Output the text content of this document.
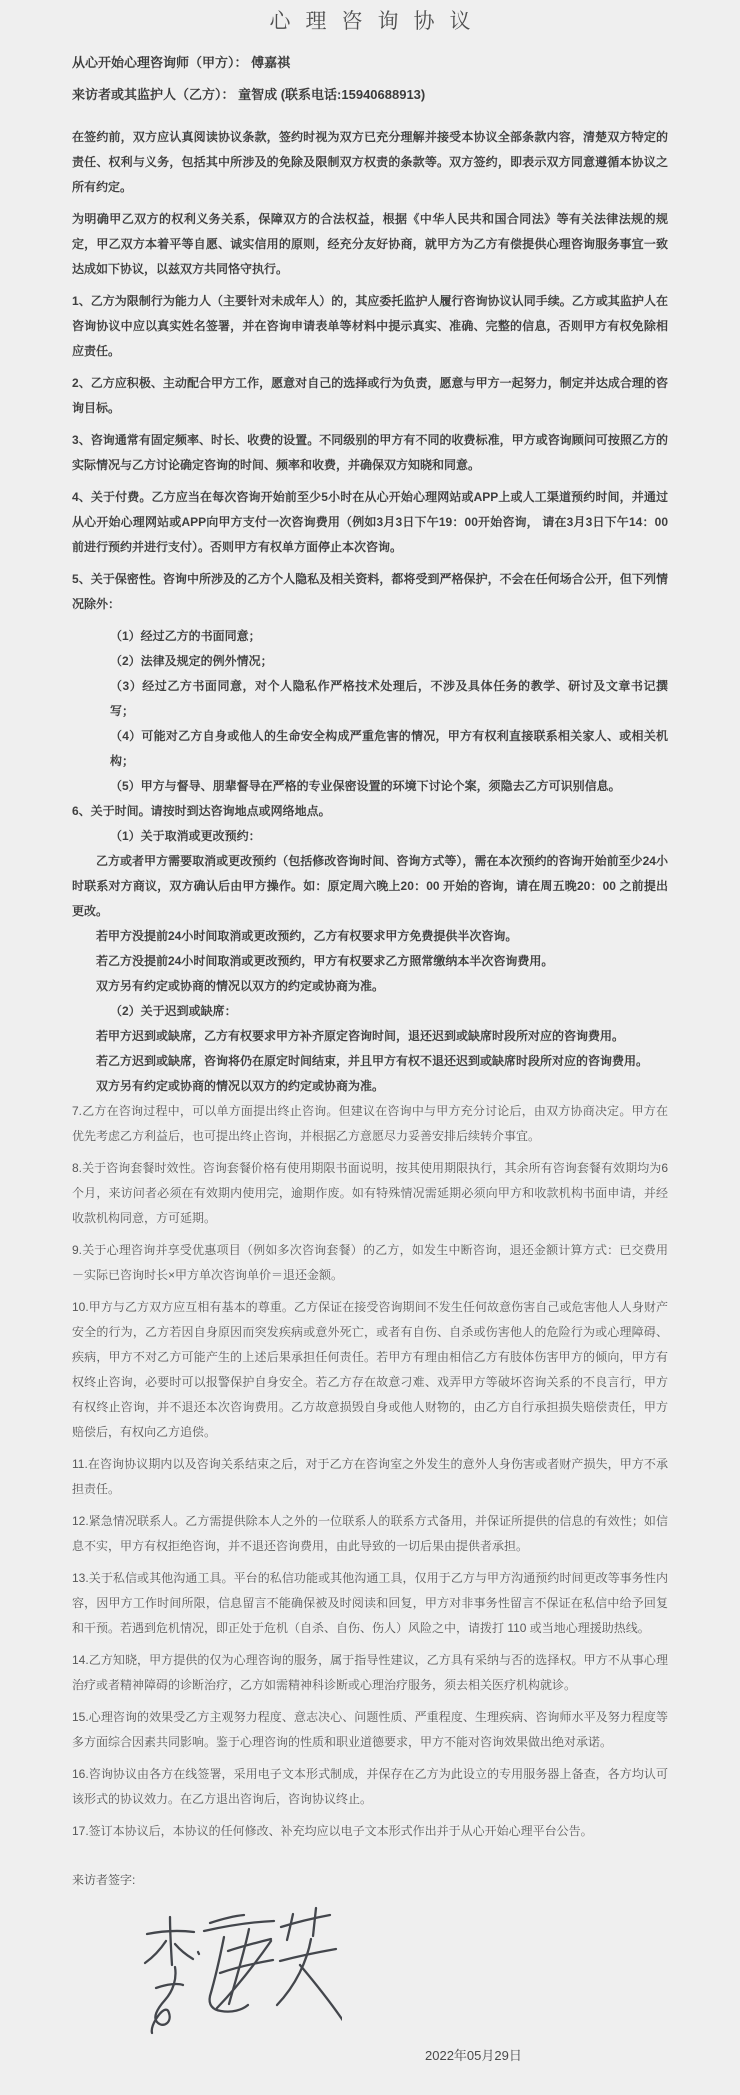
心理咨询协议
从心开始心理咨询师（甲方）： 傅嘉祺
来访者或其监护人（乙方）： 童智成 (联系电话:15940688913)

在签约前，双方应认真阅读协议条款，签约时视为双方已充分理解并接受本协议全部条款内容，清楚双方特定的责任、权利与义务，包括其中所涉及的免除及限制双方权责的条款等。双方签约，即表示双方同意遵循本协议之所有约定。

为明确甲乙双方的权利义务关系，保障双方的合法权益，根据《中华人民共和国合同法》等有关法律法规的规定，甲乙双方本着平等自愿、诚实信用的原则，经充分友好协商，就甲方为乙方有偿提供心理咨询服务事宜一致达成如下协议，以兹双方共同恪守执行。

1、乙方为限制行为能力人（主要针对未成年人）的，其应委托监护人履行咨询协议认同手续。乙方或其监护人在咨询协议中应以真实姓名签署，并在咨询申请表单等材料中提示真实、准确、完整的信息，否则甲方有权免除相应责任。

2、乙方应积极、主动配合甲方工作，愿意对自己的选择或行为负责，愿意与甲方一起努力，制定并达成合理的咨询目标。

3、咨询通常有固定频率、时长、收费的设置。不同级别的甲方有不同的收费标准，甲方或咨询顾问可按照乙方的实际情况与乙方讨论确定咨询的时间、频率和收费，并确保双方知晓和同意。

4、关于付费。乙方应当在每次咨询开始前至少5小时在从心开始心理网站或APP上或人工渠道预约时间，并通过从心开始心理网站或APP向甲方支付一次咨询费用（例如3月3日下午19：00开始咨询， 请在3月3日下午14：00前进行预约并进行支付）。否则甲方有权单方面停止本次咨询。

5、关于保密性。咨询中所涉及的乙方个人隐私及相关资料，都将受到严格保护，不会在任何场合公开，但下列情况除外：

（1）经过乙方的书面同意；

（2）法律及规定的例外情况；

（3）经过乙方书面同意，对个人隐私作严格技术处理后，不涉及具体任务的教学、研讨及文章书记撰写；

（4）可能对乙方自身或他人的生命安全构成严重危害的情况，甲方有权利直接联系相关家人、或相关机构；

（5）甲方与督导、朋辈督导在严格的专业保密设置的环境下讨论个案，须隐去乙方可识别信息。

6、关于时间。请按时到达咨询地点或网络地点。

（1）关于取消或更改预约：

乙方或者甲方需要取消或更改预约（包括修改咨询时间、咨询方式等），需在本次预约的咨询开始前至少24小时联系对方商议，双方确认后由甲方操作。如：原定周六晚上20：00 开始的咨询，请在周五晚20：00 之前提出更改。

若甲方没提前24小时间取消或更改预约，乙方有权要求甲方免费提供半次咨询。

若乙方没提前24小时间取消或更改预约，甲方有权要求乙方照常缴纳本半次咨询费用。

双方另有约定或协商的情况以双方的约定或协商为准。

（2）关于迟到或缺席：

若甲方迟到或缺席，乙方有权要求甲方补齐原定咨询时间，退还迟到或缺席时段所对应的咨询费用。

若乙方迟到或缺席，咨询将仍在原定时间结束，并且甲方有权不退还迟到或缺席时段所对应的咨询费用。

双方另有约定或协商的情况以双方的约定或协商为准。

7.乙方在咨询过程中，可以单方面提出终止咨询。但建议在咨询中与甲方充分讨论后，由双方协商决定。甲方在优先考虑乙方利益后，也可提出终止咨询，并根据乙方意愿尽力妥善安排后续转介事宜。

8.关于咨询套餐时效性。咨询套餐价格有使用期限书面说明，按其使用期限执行，其余所有咨询套餐有效期均为6个月，来访问者必须在有效期内使用完，逾期作废。如有特殊情况需延期必须向甲方和收款机构书面申请，并经收款机构同意，方可延期。

9.关于心理咨询并享受优惠项目（例如多次咨询套餐）的乙方，如发生中断咨询，退还金额计算方式：已交费用－实际已咨询时长×甲方单次咨询单价＝退还金额。

10.甲方与乙方双方应互相有基本的尊重。乙方保证在接受咨询期间不发生任何故意伤害自己或危害他人人身财产安全的行为，乙方若因自身原因而突发疾病或意外死亡，或者有自伤、自杀或伤害他人的危险行为或心理障碍、疾病，甲方不对乙方可能产生的上述后果承担任何责任。若甲方有理由相信乙方有肢体伤害甲方的倾向，甲方有权终止咨询，必要时可以报警保护自身安全。若乙方存在故意刁难、戏弄甲方等破坏咨询关系的不良言行，甲方有权终止咨询，并不退还本次咨询费用。乙方故意损毁自身或他人财物的，由乙方自行承担损失赔偿责任，甲方赔偿后，有权向乙方追偿。

11.在咨询协议期内以及咨询关系结束之后，对于乙方在咨询室之外发生的意外人身伤害或者财产损失，甲方不承担责任。

12.紧急情况联系人。乙方需提供除本人之外的一位联系人的联系方式备用，并保证所提供的信息的有效性；如信息不实，甲方有权拒绝咨询，并不退还咨询费用，由此导致的一切后果由提供者承担。

13.关于私信或其他沟通工具。平台的私信功能或其他沟通工具，仅用于乙方与甲方沟通预约时间更改等事务性内容，因甲方工作时间所限，信息留言不能确保被及时阅读和回复，甲方对非事务性留言不保证在私信中给予回复和干预。若遇到危机情况，即正处于危机（自杀、自伤、伤人）风险之中，请拨打 110 或当地心理援助热线。

14.乙方知晓，甲方提供的仅为心理咨询的服务，属于指导性建议，乙方具有采纳与否的选择权。甲方不从事心理治疗或者精神障碍的诊断治疗，乙方如需精神科诊断或心理治疗服务，须去相关医疗机构就诊。

15.心理咨询的效果受乙方主观努力程度、意志决心、问题性质、严重程度、生理疾病、咨询师水平及努力程度等多方面综合因素共同影响。鉴于心理咨询的性质和职业道德要求，甲方不能对咨询效果做出绝对承诺。

16.咨询协议由各方在线签署，采用电子文本形式制成，并保存在乙方为此设立的专用服务器上备查，各方均认可该形式的协议效力。在乙方退出咨询后，咨询协议终止。

17.签订本协议后，本协议的任何修改、补充均应以电子文本形式作出并于从心开始心理平台公告。

来访者签字:

2022年05月29日
